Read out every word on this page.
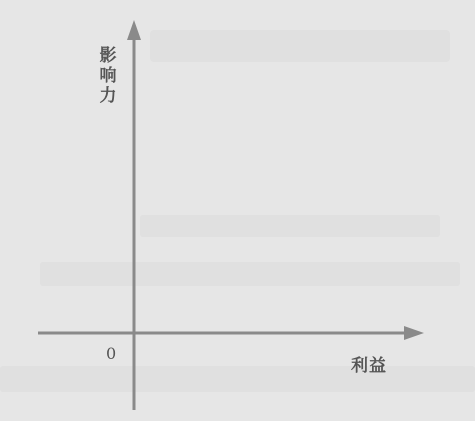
影
响
力
利益
0
